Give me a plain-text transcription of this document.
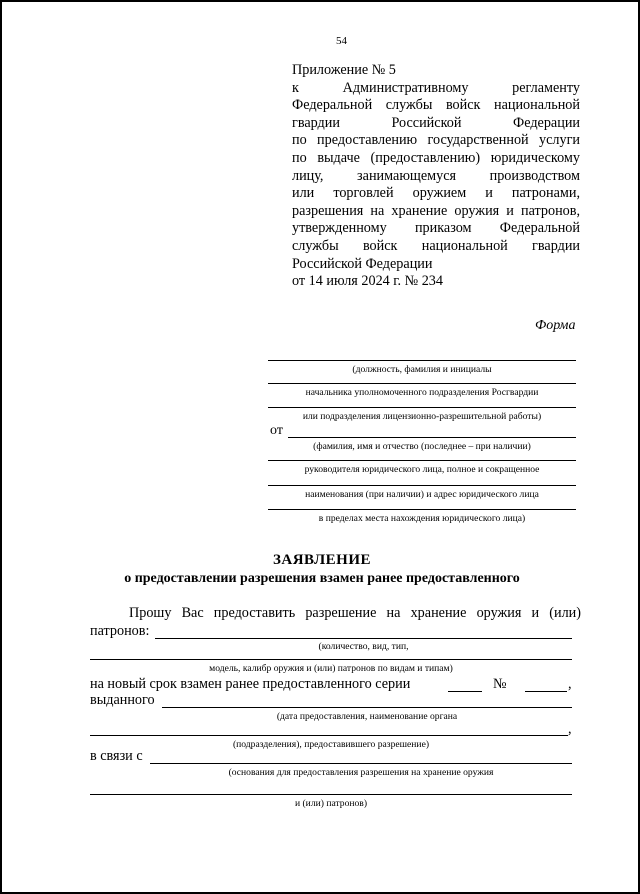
54
Приложение № 5
к Административному регламенту
Федеральной службы войск национальной
гвардии Российской Федерации
по предоставлению государственной услуги
по выдаче (предоставлению) юридическому
лицу, занимающемуся производством
или торговлей оружием и патронами,
разрешения на хранение оружия и патронов,
утвержденному приказом Федеральной
службы войск национальной гвардии
Российской Федерации
от 14 июля 2024 г. № 234
Форма
(должность, фамилия и инициалы
начальника уполномоченного подразделения Росгвардии
или подразделения лицензионно-разрешительной работы)
от
(фамилия, имя и отчество (последнее – при наличии)
руководителя юридического лица, полное и сокращенное
наименования (при наличии) и адрес юридического лица
в пределах места нахождения юридического лица)
ЗАЯВЛЕНИЕ
о предоставлении разрешения взамен ранее предоставленного
Прошу Вас предоставить разрешение на хранение оружия и (или)
патронов:
(количество, вид, тип,
модель, калибр оружия и (или) патронов по видам и типам)
на новый срок взамен ранее предоставленного серии	№	,
выданного
(дата предоставления, наименование органа
,
(подразделения), предоставившего разрешение)
в связи с
(основания для предоставления разрешения на хранение оружия
и (или) патронов)
